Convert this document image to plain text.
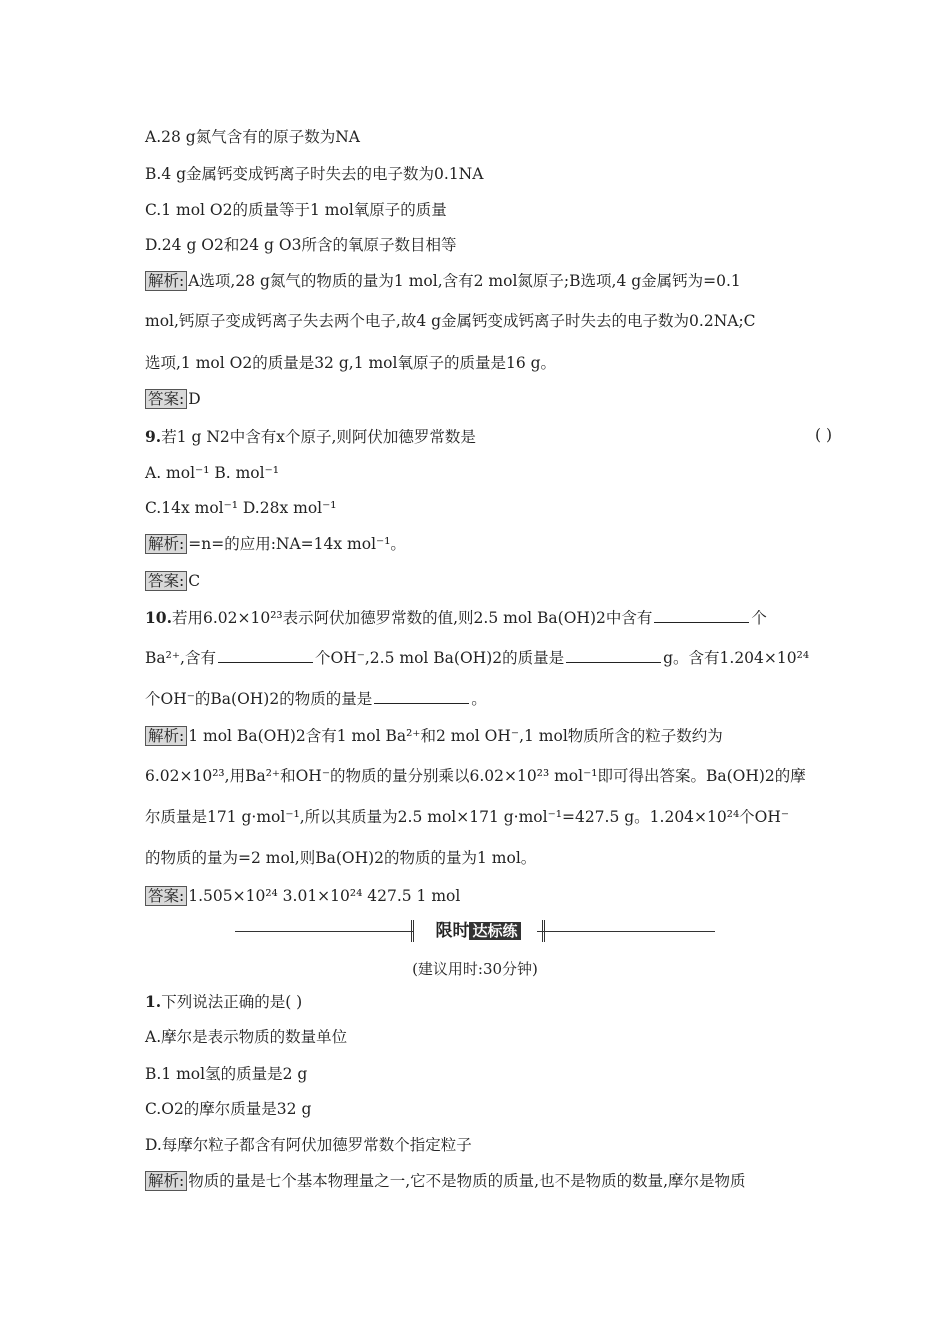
A.28 g氮气含有的原子数为NA
B.4 g金属钙变成钙离子时失去的电子数为0.1NA
C.1 mol O2的质量等于1 mol氧原子的质量
D.24 g O2和24 g O3所含的氧原子数目相等
解析: A选项,28 g氮气的物质的量为1 mol,含有2 mol氮原子;B选项,4 g金属钙为=0.1
mol,钙原子变成钙离子失去两个电子,故4 g金属钙变成钙离子时失去的电子数为0.2NA;C
选项,1 mol O2的质量是32 g,1 mol氧原子的质量是16 g。
答案: D
9.若1 g N2中含有x个原子,则阿伏加德罗常数是
A. mol⁻¹ B. mol⁻¹
C.14x mol⁻¹ D.28x mol⁻¹
解析: =n=的应用:NA=14x mol⁻¹。
答案: C
10.若用6.02×10²³表示阿伏加德罗常数的值,则2.5 mol Ba(OH)2中含有	个
Ba²⁺,含有	个OH⁻,2.5 mol Ba(OH)2的质量是	g。含有1.204×10²⁴
个OH⁻的Ba(OH)2的物质的量是	。
解析: 1 mol Ba(OH)2含有1 mol Ba²⁺和2 mol OH⁻,1 mol物质所含的粒子数约为
6.02×10²³,用Ba²⁺和OH⁻的物质的量分别乘以6.02×10²³ mol⁻¹即可得出答案。Ba(OH)2的摩
尔质量是171 g·mol⁻¹,所以其质量为2.5 mol×171 g·mol⁻¹=427.5 g。1.204×10²⁴个OH⁻
的物质的量为=2 mol,则Ba(OH)2的物质的量为1 mol。
答案: 1.505×10²⁴ 3.01×10²⁴ 427.5 1 mol
( )
限时 达标练
(建议用时:30分钟)
1.下列说法正确的是( )
A.摩尔是表示物质的数量单位
B.1 mol氢的质量是2 g
C.O2的摩尔质量是32 g
D.每摩尔粒子都含有阿伏加德罗常数个指定粒子
解析: 物质的量是七个基本物理量之一,它不是物质的质量,也不是物质的数量,摩尔是物质
